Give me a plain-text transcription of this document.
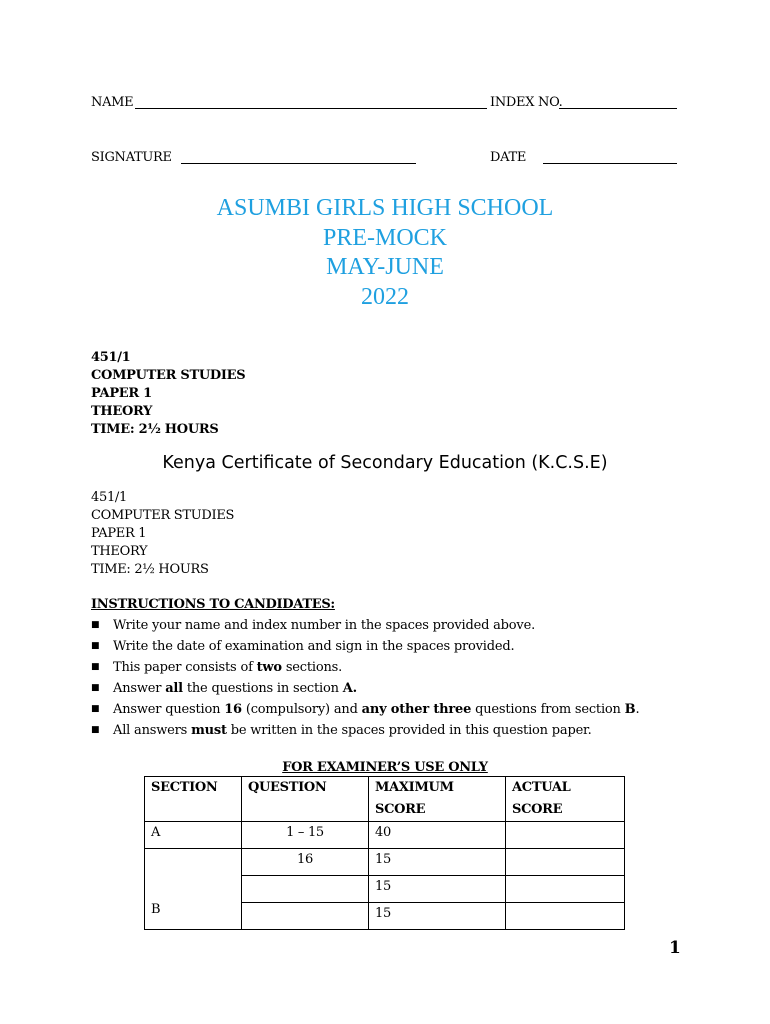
NAME	INDEX NO.
SIGNATURE	DATE
ASUMBI GIRLS HIGH SCHOOL
PRE-MOCK
MAY-JUNE
2022
451/1
COMPUTER STUDIES
PAPER 1
THEORY
TIME: 2½ HOURS
Kenya Certificate of Secondary Education (K.C.S.E)
451/1
COMPUTER STUDIES
PAPER 1
THEORY
TIME: 2½ HOURS
INSTRUCTIONS TO CANDIDATES:
■ Write your name and index number in the spaces provided above.
■ Write the date of examination and sign in the spaces provided.
■ This paper consists of two sections.
■ Answer all the questions in section A.
■ Answer question 16 (compulsory) and any other three questions from section B.
■ All answers must be written in the spaces provided in this question paper.
FOR EXAMINER’S USE ONLY
SECTION	QUESTION	MAXIMUM SCORE	ACTUAL SCORE
A	1 – 15	40	
B	16	15	
		15	
		15	
1
